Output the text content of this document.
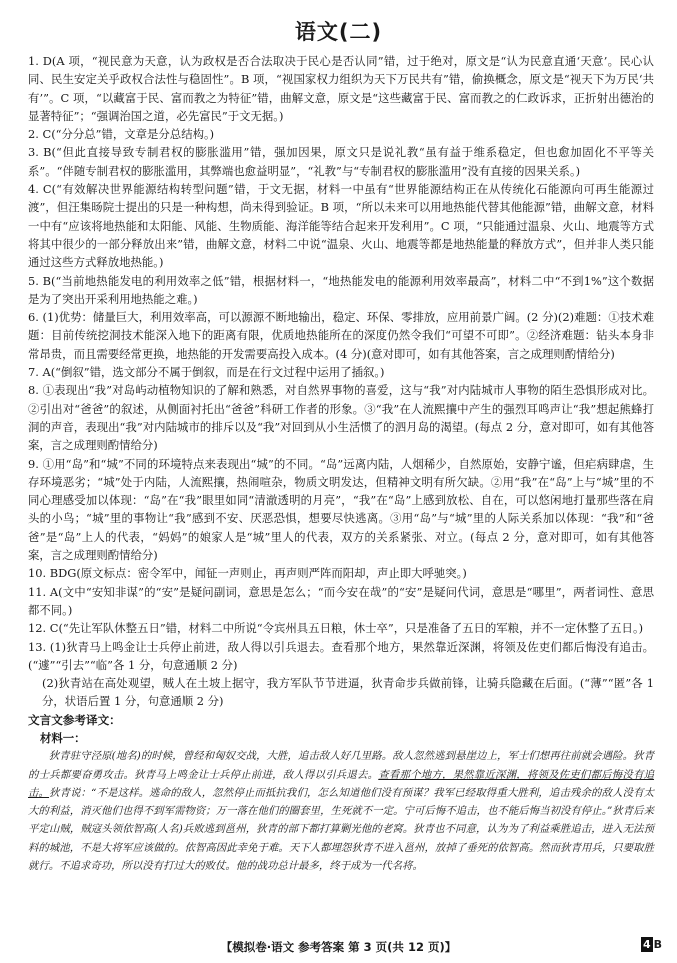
语文(二)

1. D(A 项，“视民意为天意，认为政权是否合法取决于民心是否认同”错，过于绝对，原文是“认为民意直通‘天意’。民心认同、民生安定关乎政权合法性与稳固性”。B 项，“视国家权力组织为天下万民共有”错，偷换概念，原文是“视天下为万民‘共有’”。C 项，“以藏富于民、富而教之为特征”错，曲解文意，原文是“这些藏富于民、富而教之的仁政诉求，正折射出德治的显著特征”；“强调治国之道，必先富民”于文无据。)

2. C(“分分总”错，文章是分总结构。)

3. B(“但此直接导致专制君权的膨胀滥用”错，强加因果，原文只是说礼教“虽有益于维系稳定，但也愈加固化不平等关系”。“伴随专制君权的膨胀滥用，其弊端也愈益明显”，“礼教”与“专制君权的膨胀滥用”没有直接的因果关系。)

4. C(“有效解决世界能源结构转型问题”错，于文无据，材料一中虽有“世界能源结构正在从传统化石能源向可再生能源过渡”，但汪集旸院士提出的只是一种构想，尚未得到验证。B 项，“所以未来可以用地热能代替其他能源”错，曲解文意，材料一中有“应该将地热能和太阳能、风能、生物质能、海洋能等结合起来开发利用”。C 项，“只能通过温泉、火山、地震等方式将其中很少的一部分释放出来”错，曲解文意，材料二中说“温泉、火山、地震等都是地热能量的释放方式”，但并非人类只能通过这些方式释放地热能。)

5. B(“当前地热能发电的利用效率之低”错，根据材料一，“地热能发电的能源利用效率最高”，材料二中“不到1%”这个数据是为了突出开采利用地热能之难。)

6. (1)优势：储量巨大，利用效率高，可以源源不断地输出，稳定、环保、零排放，应用前景广阔。(2 分)(2)难题：①技术难题：目前传统挖洞技术能深入地下的距离有限，优质地热能所在的深度仍然令我们“可望不可即”。②经济难题：钻头本身非常昂贵，而且需要经常更换，地热能的开发需要高投入成本。(4 分)(意对即可，如有其他答案，言之成理则酌情给分)

7. A(“倒叙”错，选文部分不属于倒叙，而是在行文过程中运用了插叙。)

8. ①表现出“我”对岛屿动植物知识的了解和熟悉，对自然界事物的喜爱，这与“我”对内陆城市人事物的陌生恐惧形成对比。②引出对“爸爸”的叙述，从侧面衬托出“爸爸”科研工作者的形象。③“我”在人流熙攘中产生的强烈耳鸣声让“我”想起熊蜂打洞的声音，表现出“我”对内陆城市的排斥以及“我”对回到从小生活惯了的泗月岛的渴望。(每点 2 分，意对即可，如有其他答案，言之成理则酌情给分)

9. ①用“岛”和“城”不同的环境特点来表现出“城”的不同。“岛”远离内陆，人烟稀少，自然原始，安静宁谧，但疟病肆虐，生存环境恶劣；“城”处于内陆，人流熙攘，热闹喧杂，物质文明发达，但精神文明有所欠缺。②用“我”在“岛”上与“城”里的不同心理感受加以体现：“岛”在“我”眼里如同“清澈透明的月亮”，“我”在“岛”上感到放松、自在，可以悠闲地打量那些落在肩头的小鸟；“城”里的事物让“我”感到不安、厌恶恐惧，想要尽快逃离。③用“岛”与“城”里的人际关系加以体现：“我”和“爸爸”是“岛”上人的代表，“妈妈”的娘家人是“城”里人的代表，双方的关系紧张、对立。(每点 2 分，意对即可，如有其他答案，言之成理则酌情给分)

10. BDG(原文标点：密令军中，闻钲一声则止，再声则严阵而阳却，声止即大呼驰突。)

11. A(文中“安知非谋”的“安”是疑问副词，意思是怎么；“而今安在哉”的“安”是疑问代词，意思是“哪里”，两者词性、意思都不同。)

12. C(“先让军队休整五日”错，材料二中所说“令宾州具五日粮，休士卒”，只是准备了五日的军粮，并不一定休整了五日。)

13. (1)狄青马上鸣金让士兵停止前进，敌人得以引兵退去。查看那个地方，果然靠近深渊，将领及佐吏们都后悔没有追击。(“遽”“引去”“临”各 1 分，句意通顺 2 分)

(2)狄青站在高处观望，贼人在土坡上据守，我方军队节节进逼，狄青命步兵做前锋，让骑兵隐藏在后面。(“薄”“匿”各 1 分，状语后置 1 分，句意通顺 2 分)

文言文参考译文：

材料一：

狄青驻守泾原(地名)的时候，曾经和匈奴交战，大胜，追击敌人好几里路。敌人忽然逃到悬崖边上，军士们想再往前就会遇险。狄青的士兵都要奋勇攻击。狄青马上鸣金让士兵停止前进，敌人得以引兵退去。查看那个地方，果然靠近深渊，将领及佐吏们都后悔没有追击。狄青说：“不是这样。逃命的敌人，忽然停止而抵抗我们，怎么知道他们没有预谋？我军已经取得重大胜利，追击残余的敌人没有太大的利益，消灭他们也得不到军需物资；万一落在他们的圈套里，生死就不一定。宁可后悔不追击，也不能后悔当初没有停止。”狄青后来平定山贼，贼寇头领依智高(人名)兵败逃到邕州，狄青的部下都打算剿光他的老窝。狄青也不同意，认为为了利益乘胜追击，进入无法预料的城池，不是大将军应该做的。依智高因此幸免于难。天下人都埋怨狄青不进入邕州，放掉了垂死的依智高。然而狄青用兵，只要取胜就行。不追求奇功，所以没有打过大的败仗。他的战功总计最多，终于成为一代名将。

【模拟卷·语文 参考答案 第 3 页(共 12 页)】	4 B
